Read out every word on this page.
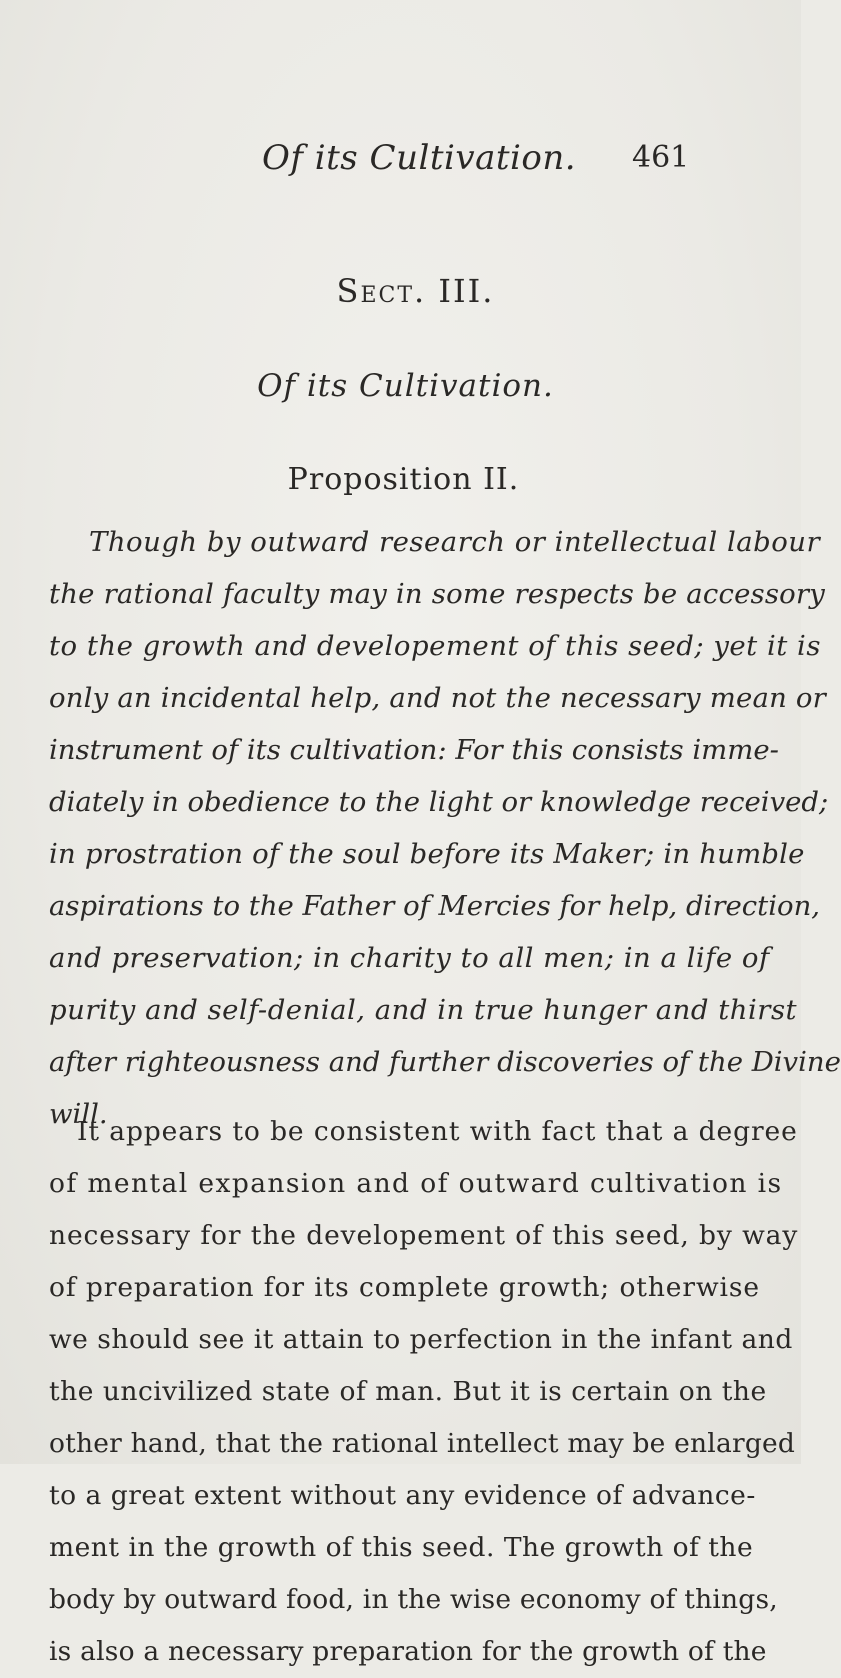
Of its Cultivation. 461
Sect. III.
Of its Cultivation.
Proposition II.
Though by outward research or intellectual labour
the rational faculty may in some respects be accessory
to the growth and developement of this seed; yet it is
only an incidental help, and not the necessary mean or
instrument of its cultivation: For this consists imme-
diately in obedience to the light or knowledge received;
in prostration of the soul before its Maker; in humble
aspirations to the Father of Mercies for help, direction,
and preservation; in charity to all men; in a life of
purity and self-denial, and in true hunger and thirst
after righteousness and further discoveries of the Divine
will.
It appears to be consistent with fact that a degree
of mental expansion and of outward cultivation is
necessary for the developement of this seed, by way
of preparation for its complete growth; otherwise
we should see it attain to perfection in the infant and
the uncivilized state of man. But it is certain on the
other hand, that the rational intellect may be enlarged
to a great extent without any evidence of advance-
ment in the growth of this seed. The growth of the
body by outward food, in the wise economy of things,
is also a necessary preparation for the growth of the
